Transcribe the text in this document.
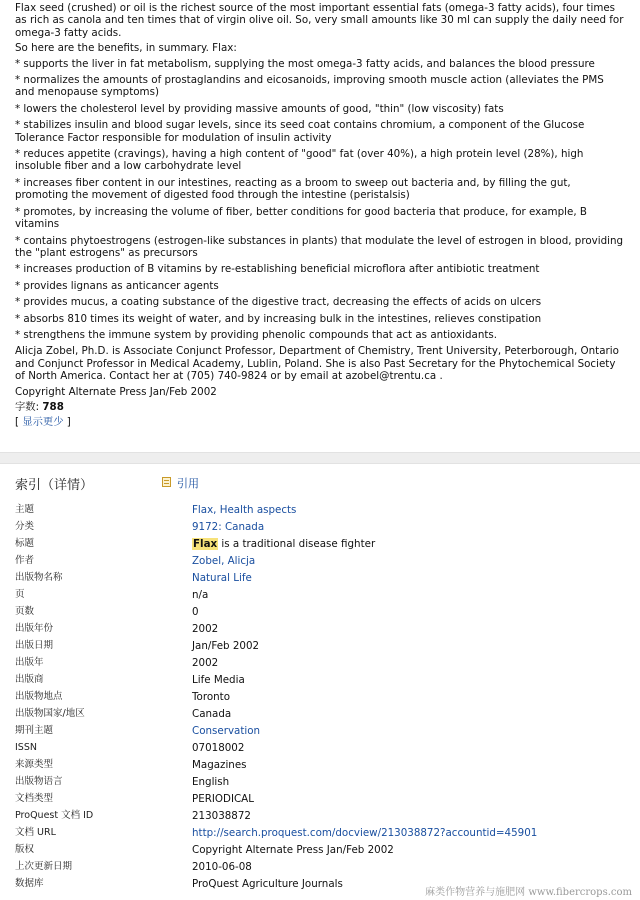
Flax seed (crushed) or oil is the richest source of the most important essential fats (omega-3 fatty acids), four times as rich as canola and ten times that of virgin olive oil. So, very small amounts like 30 ml can supply the daily need for omega-3 fatty acids.

So here are the benefits, in summary. Flax:

* supports the liver in fat metabolism, supplying the most omega-3 fatty acids, and balances the blood pressure

* normalizes the amounts of prostaglandins and eicosanoids, improving smooth muscle action (alleviates the PMS and menopause symptoms)

* lowers the cholesterol level by providing massive amounts of good, "thin" (low viscosity) fats

* stabilizes insulin and blood sugar levels, since its seed coat contains chromium, a component of the Glucose Tolerance Factor responsible for modulation of insulin activity

* reduces appetite (cravings), having a high content of "good" fat (over 40%), a high protein level (28%), high insoluble fiber and a low carbohydrate level

* increases fiber content in our intestines, reacting as a broom to sweep out bacteria and, by filling the gut, promoting the movement of digested food through the intestine (peristalsis)

* promotes, by increasing the volume of fiber, better conditions for good bacteria that produce, for example, B vitamins

* contains phytoestrogens (estrogen-like substances in plants) that modulate the level of estrogen in blood, providing the "plant estrogens" as precursors

* increases production of B vitamins by re-establishing beneficial microflora after antibiotic treatment

* provides lignans as anticancer agents

* provides mucus, a coating substance of the digestive tract, decreasing the effects of acids on ulcers

* absorbs 810 times its weight of water, and by increasing bulk in the intestines, relieves constipation

* strengthens the immune system by providing phenolic compounds that act as antioxidants.

Alicja Zobel, Ph.D. is Associate Conjunct Professor, Department of Chemistry, Trent University, Peterborough, Ontario and Conjunct Professor in Medical Academy, Lublin, Poland. She is also Past Secretary for the Phytochemical Society of North America. Contact her at (705) 740-9824 or by email at azobel@trentu.ca .

Copyright Alternate Press Jan/Feb 2002

字数: 788

[ 显示更少 ]
索引（详情）	引用
主题	Flax, Health aspects
分类	9172: Canada
标题	Flax is a traditional disease fighter
作者	Zobel, Alicja
出版物名称	Natural Life
页	n/a
页数	0
出版年份	2002
出版日期	Jan/Feb 2002
出版年	2002
出版商	Life Media
出版物地点	Toronto
出版物国家/地区	Canada
期刊主题	Conservation
ISSN	07018002
来源类型	Magazines
出版物语言	English
文档类型	PERIODICAL
ProQuest 文档 ID	213038872
文档 URL	http://search.proquest.com/docview/213038872?accountid=45901
版权	Copyright Alternate Press Jan/Feb 2002
上次更新日期	2010-06-08
数据库	ProQuest Agriculture Journals
麻类作物营养与施肥网 www.fibercrops.com
